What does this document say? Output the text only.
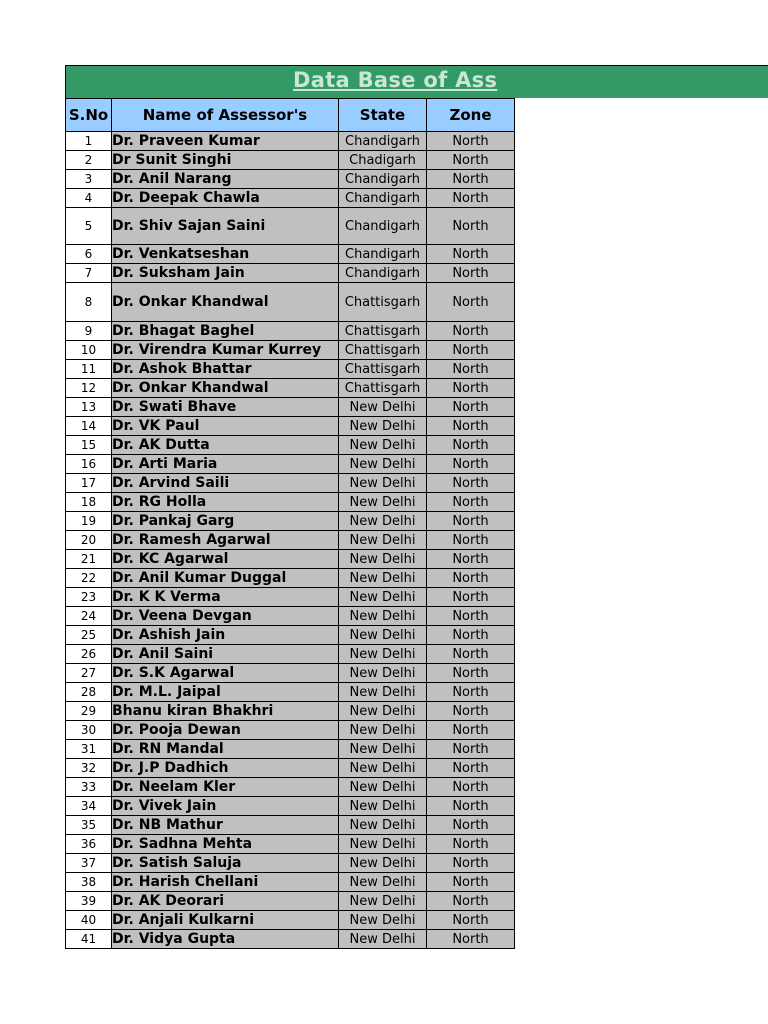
Data Base of Ass
S.No	Name of Assessor's	State	Zone
1	Dr. Praveen Kumar	Chandigarh	North
2	Dr Sunit Singhi	Chadigarh	North
3	Dr. Anil Narang	Chandigarh	North
4	Dr. Deepak Chawla	Chandigarh	North
5	Dr. Shiv Sajan Saini	Chandigarh	North
6	Dr. Venkatseshan	Chandigarh	North
7	Dr. Suksham Jain	Chandigarh	North
8	Dr. Onkar Khandwal	Chattisgarh	North
9	Dr. Bhagat Baghel	Chattisgarh	North
10	Dr. Virendra Kumar Kurrey	Chattisgarh	North
11	Dr. Ashok Bhattar	Chattisgarh	North
12	Dr. Onkar Khandwal	Chattisgarh	North
13	Dr. Swati Bhave	New Delhi	North
14	Dr. VK Paul	New Delhi	North
15	Dr. AK Dutta	New Delhi	North
16	Dr. Arti Maria	New Delhi	North
17	Dr. Arvind Saili	New Delhi	North
18	Dr. RG Holla	New Delhi	North
19	Dr. Pankaj Garg	New Delhi	North
20	Dr. Ramesh Agarwal	New Delhi	North
21	Dr. KC Agarwal	New Delhi	North
22	Dr. Anil Kumar Duggal	New Delhi	North
23	Dr. K K Verma	New Delhi	North
24	Dr. Veena Devgan	New Delhi	North
25	Dr. Ashish Jain	New Delhi	North
26	Dr. Anil Saini	New Delhi	North
27	Dr. S.K Agarwal	New Delhi	North
28	Dr. M.L. Jaipal	New Delhi	North
29	Bhanu kiran Bhakhri	New Delhi	North
30	Dr. Pooja Dewan	New Delhi	North
31	Dr. RN Mandal	New Delhi	North
32	Dr. J.P Dadhich	New Delhi	North
33	Dr. Neelam Kler	New Delhi	North
34	Dr. Vivek Jain	New Delhi	North
35	Dr. NB Mathur	New Delhi	North
36	Dr. Sadhna Mehta	New Delhi	North
37	Dr. Satish Saluja	New Delhi	North
38	Dr. Harish Chellani	New Delhi	North
39	Dr. AK Deorari	New Delhi	North
40	Dr. Anjali Kulkarni	New Delhi	North
41	Dr. Vidya Gupta	New Delhi	North
